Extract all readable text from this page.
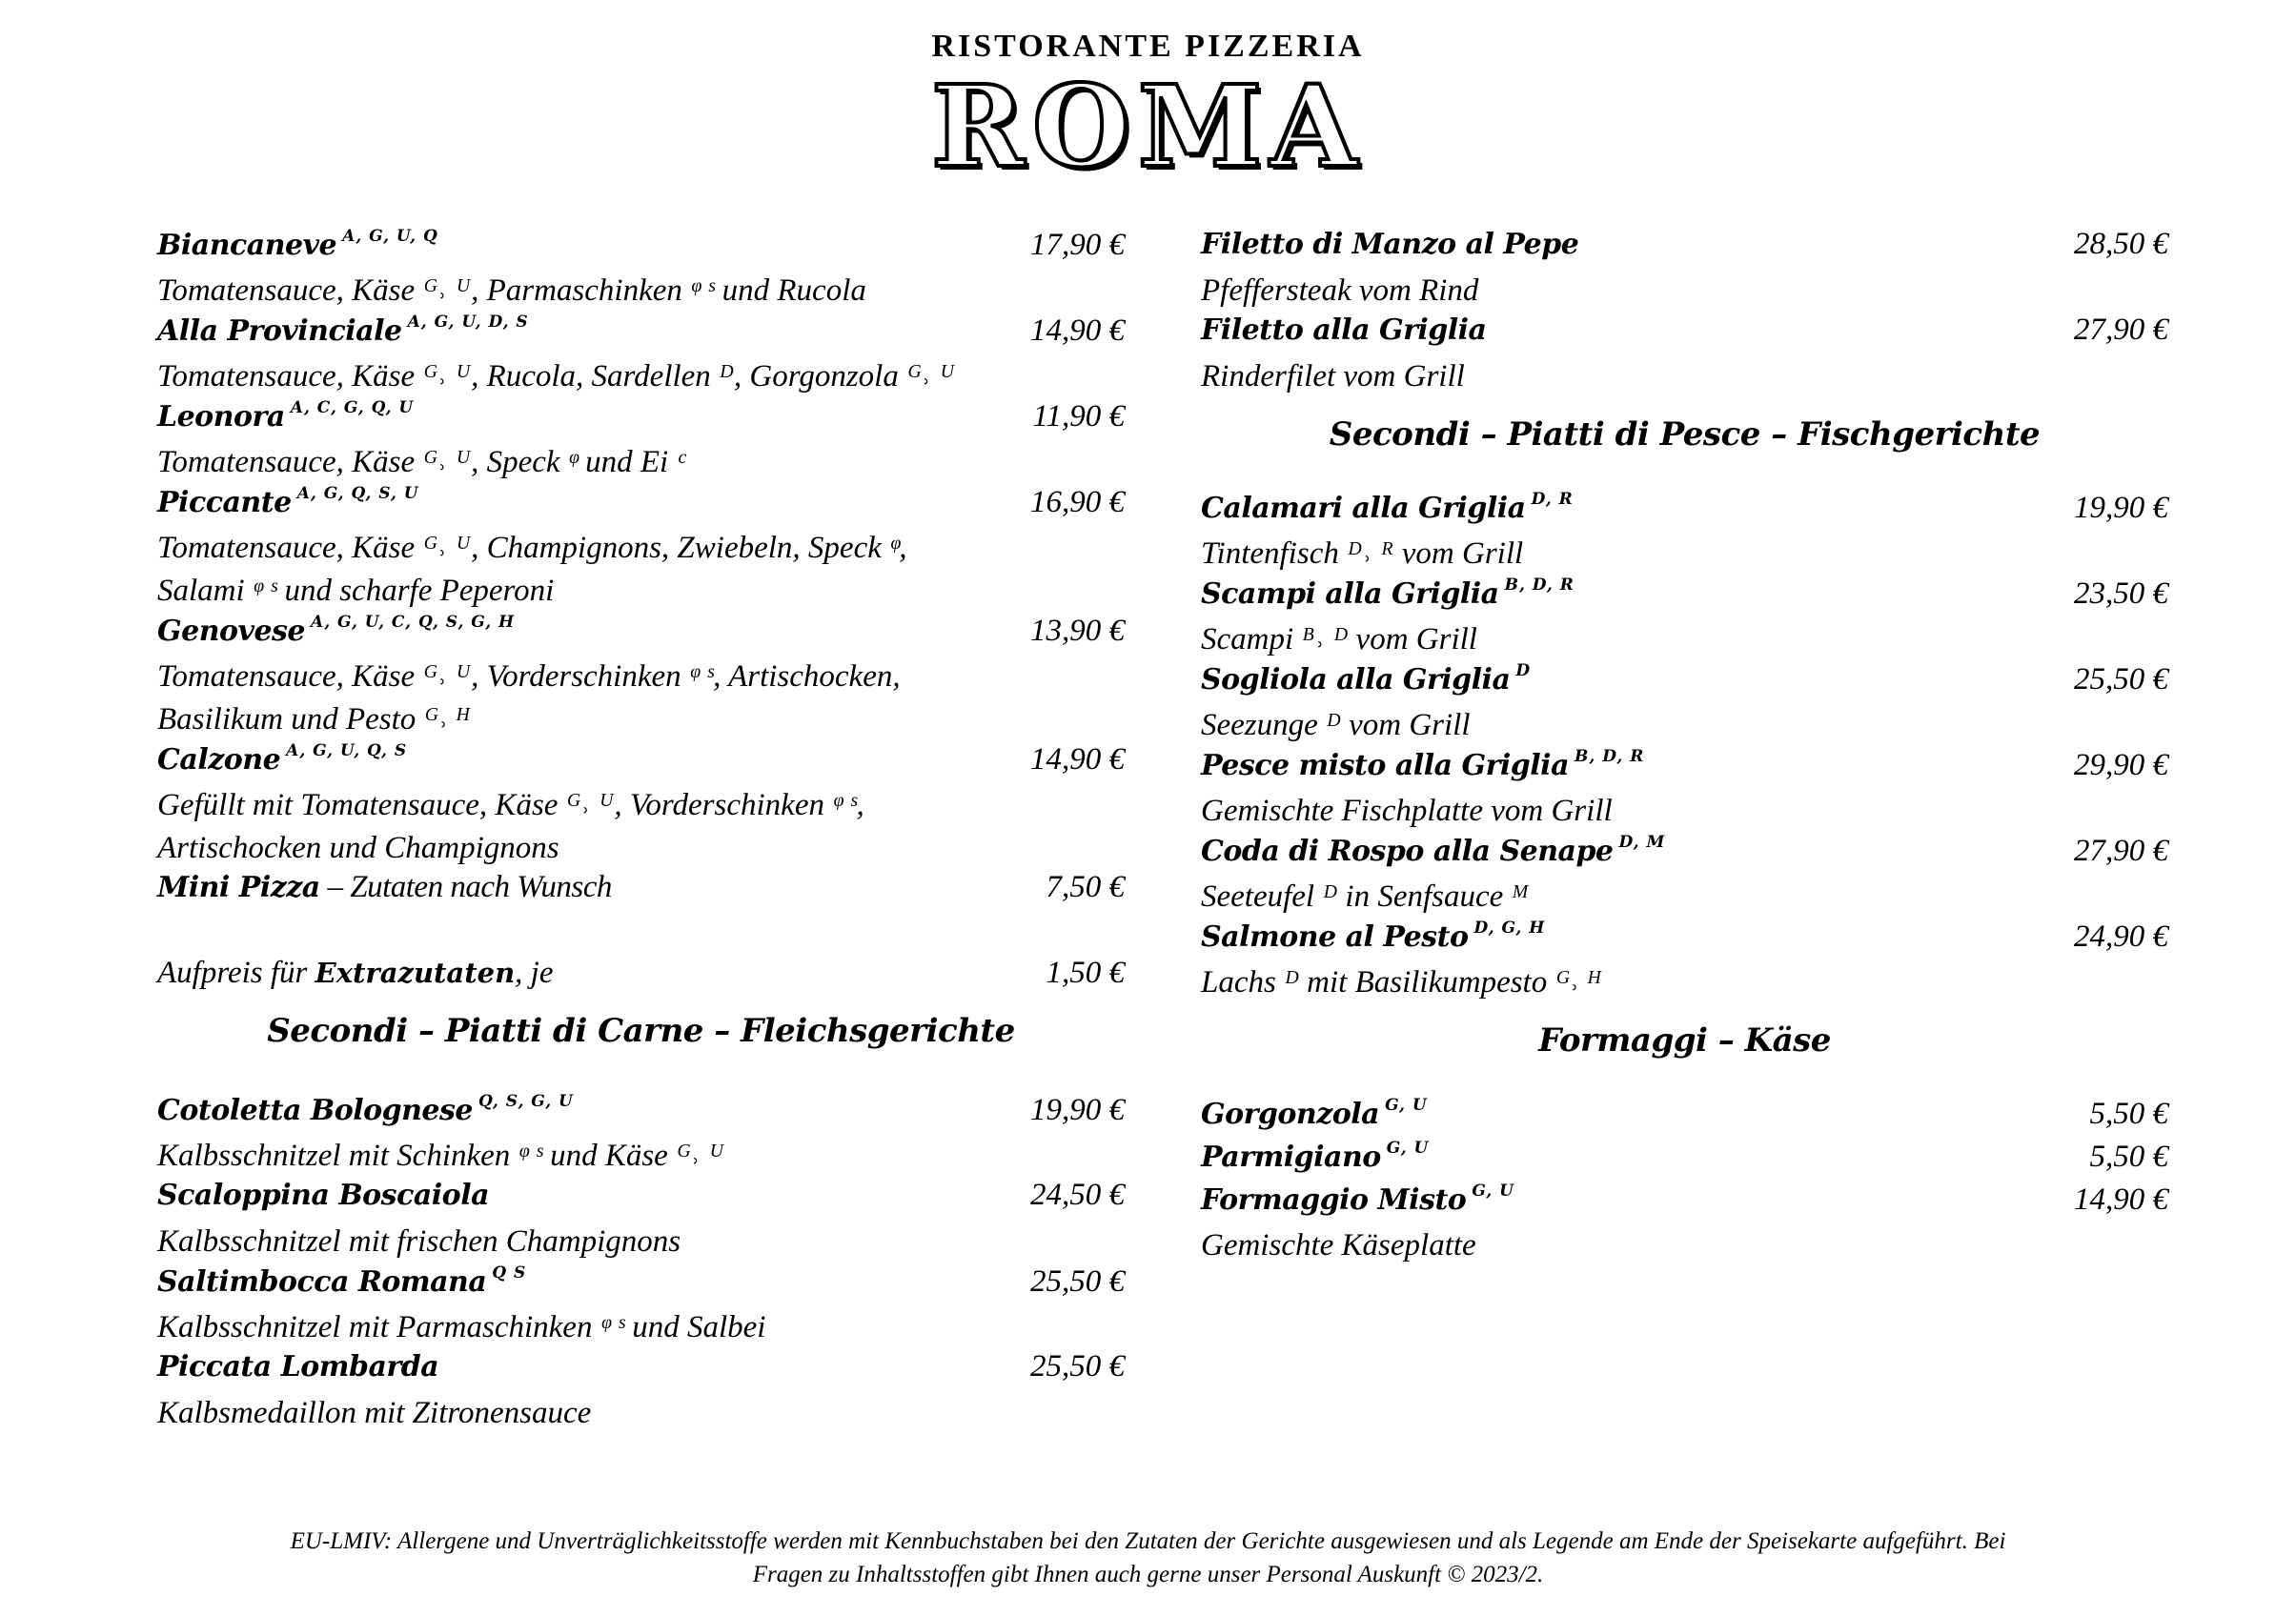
RISTORANTE PIZZERIA
ROMA
Biancaneve $^{A, G, U, Q}$	17,90 €
Tomatensauce, Käse ᴳ˒ ᵁ, Parmaschinken ᵠ ˢ und Rucola
Alla Provinciale $^{A, G, U, D, S}$	14,90 €
Tomatensauce, Käse ᴳ˒ ᵁ, Rucola, Sardellen ᴰ, Gorgonzola ᴳ˒ ᵁ
Leonora $^{A, C, G, Q, U}$	11,90 €
Tomatensauce, Käse ᴳ˒ ᵁ, Speck ᵠ und Ei ᶜ
Piccante $^{A, G, Q, S, U}$	16,90 €
Tomatensauce, Käse ᴳ˒ ᵁ, Champignons, Zwiebeln, Speck ᵠ,
Salami ᵠ ˢ und scharfe Peperoni
Genovese $^{A, G, U, C, Q, S, G, H}$	13,90 €
Tomatensauce, Käse ᴳ˒ ᵁ, Vorderschinken ᵠ ˢ, Artischocken,
Basilikum und Pesto ᴳ˒ ᴴ
Calzone $^{A, G, U, Q, S}$	14,90 €
Gefüllt mit Tomatensauce, Käse ᴳ˒ ᵁ, Vorderschinken ᵠ ˢ,
Artischocken und Champignons
Mini Pizza – Zutaten nach Wunsch	7,50 €
Aufpreis für Extrazutaten, je	1,50 €
Secondi – Piatti di Carne – Fleichsgerichte
Cotoletta Bolognese $^{Q, S, G, U}$	19,90 €
Kalbsschnitzel mit Schinken ᵠ ˢ und Käse ᴳ˒ ᵁ
Scaloppina Boscaiola	24,50 €
Kalbsschnitzel mit frischen Champignons
Saltimbocca Romana $^{Q S}$	25,50 €
Kalbsschnitzel mit Parmaschinken ᵠ ˢ und Salbei
Piccata Lombarda	25,50 €
Kalbsmedaillon mit Zitronensauce
Filetto di Manzo al Pepe	28,50 €
Pfeffersteak vom Rind
Filetto alla Griglia	27,90 €
Rinderfilet vom Grill
Secondi – Piatti di Pesce – Fischgerichte
Calamari alla Griglia $^{D, R}$	19,90 €
Tintenfisch ᴰ˒ ᴿ vom Grill
Scampi alla Griglia $^{B, D, R}$	23,50 €
Scampi ᴮ˒ ᴰ vom Grill
Sogliola alla Griglia $^D$	25,50 €
Seezunge ᴰ vom Grill
Pesce misto alla Griglia $^{B, D, R}$	29,90 €
Gemischte Fischplatte vom Grill
Coda di Rospo alla Senape $^{D, M}$	27,90 €
Seeteufel ᴰ in Senfsauce ᴹ
Salmone al Pesto $^{D, G, H}$	24,90 €
Lachs ᴰ mit Basilikumpesto ᴳ˒ ᴴ
Formaggi – Käse
Gorgonzola $^{G, U}$	5,50 €
Parmigiano $^{G, U}$	5,50 €
Formaggio Misto $^{G, U}$	14,90 €
Gemischte Käseplatte
EU-LMIV: Allergene und Unverträglichkeitsstoffe werden mit Kennbuchstaben bei den Zutaten der Gerichte ausgewiesen und als Legende am Ende der Speisekarte aufgeführt. Bei
Fragen zu Inhaltsstoffen gibt Ihnen auch gerne unser Personal Auskunft © 2023/2.
